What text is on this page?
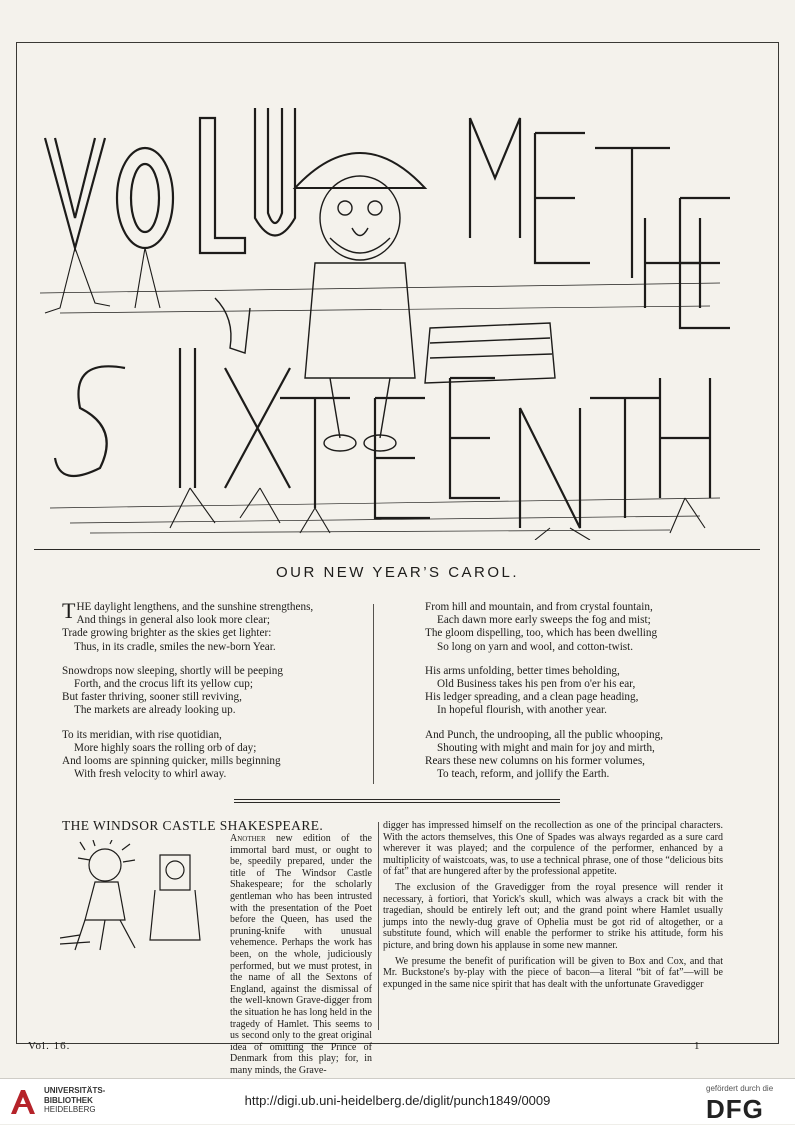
OUR NEW YEAR’S CAROL.
T HE daylight lengthens, and the sunshine strengthens,
And things in general also look more clear;
Trade growing brighter as the skies get lighter:
Thus, in its cradle, smiles the new-born Year.
Snowdrops now sleeping, shortly will be peeping
Forth, and the crocus lift its yellow cup;
But faster thriving, sooner still reviving,
The markets are already looking up.
To its meridian, with rise quotidian,
More highly soars the rolling orb of day;
And looms are spinning quicker, mills beginning
With fresh velocity to whirl away.
From hill and mountain, and from crystal fountain,
Each dawn more early sweeps the fog and mist;
The gloom dispelling, too, which has been dwelling
So long on yarn and wool, and cotton-twist.
His arms unfolding, better times beholding,
Old Business takes his pen from o'er his ear,
His ledger spreading, and a clean page heading,
In hopeful flourish, with another year.
And Punch, the undrooping, all the public whooping,
Shouting with might and main for joy and mirth,
Rears these new columns on his former volumes,
To teach, reform, and jollify the Earth.
THE WINDSOR CASTLE SHAKESPEARE.

Another new edition of the immortal bard must, or ought to be, speedily prepared, under the title of The Windsor Castle Shakespeare; for the scholarly gentleman who has been intrusted with the presentation of the Poet before the Queen, has used the pruning-knife with unusual vehemence. Perhaps the work has been, on the whole, judiciously performed, but we must protest, in the name of all the Sextons of England, against the dismissal of the well-known Grave-digger from the situation he has long held in the tragedy of Hamlet. This seems to us second only to the great original idea of omitting the Prince of Denmark from this play; for, in many minds, the Grave-

digger has impressed himself on the recollection as one of the principal characters. With the actors themselves, this One of Spades was always regarded as a sure card wherever it was played; and the corpulence of the performer, enhanced by a multiplicity of waistcoats, was, to use a technical phrase, one of those “delicious bits of fat” that are hungered after by the professional appetite.

The exclusion of the Gravedigger from the royal presence will render it necessary, à fortiori, that Yorick's skull, which was always a crack bit with the tragedian, should be entirely left out; and the grand point where Hamlet usually jumps into the newly-dug grave of Ophelia must be got rid of altogether, or a substitute found, which will enable the performer to strike his attitude, form his picture, and bring down his applause in some new manner.

We presume the benefit of purification will be given to Box and Cox, and that Mr. Buckstone's by-play with the piece of bacon—a literal “bit of fat”—will be expunged in the same nice spirit that has dealt with the unfortunate Gravedigger

Vol. 16.	1
UNIVERSITÄTS-
BIBLIOTHEK
HEIDELBERG
http://digi.ub.uni-heidelberg.de/diglit/punch1849/0009
gefördert durch die
DFG
